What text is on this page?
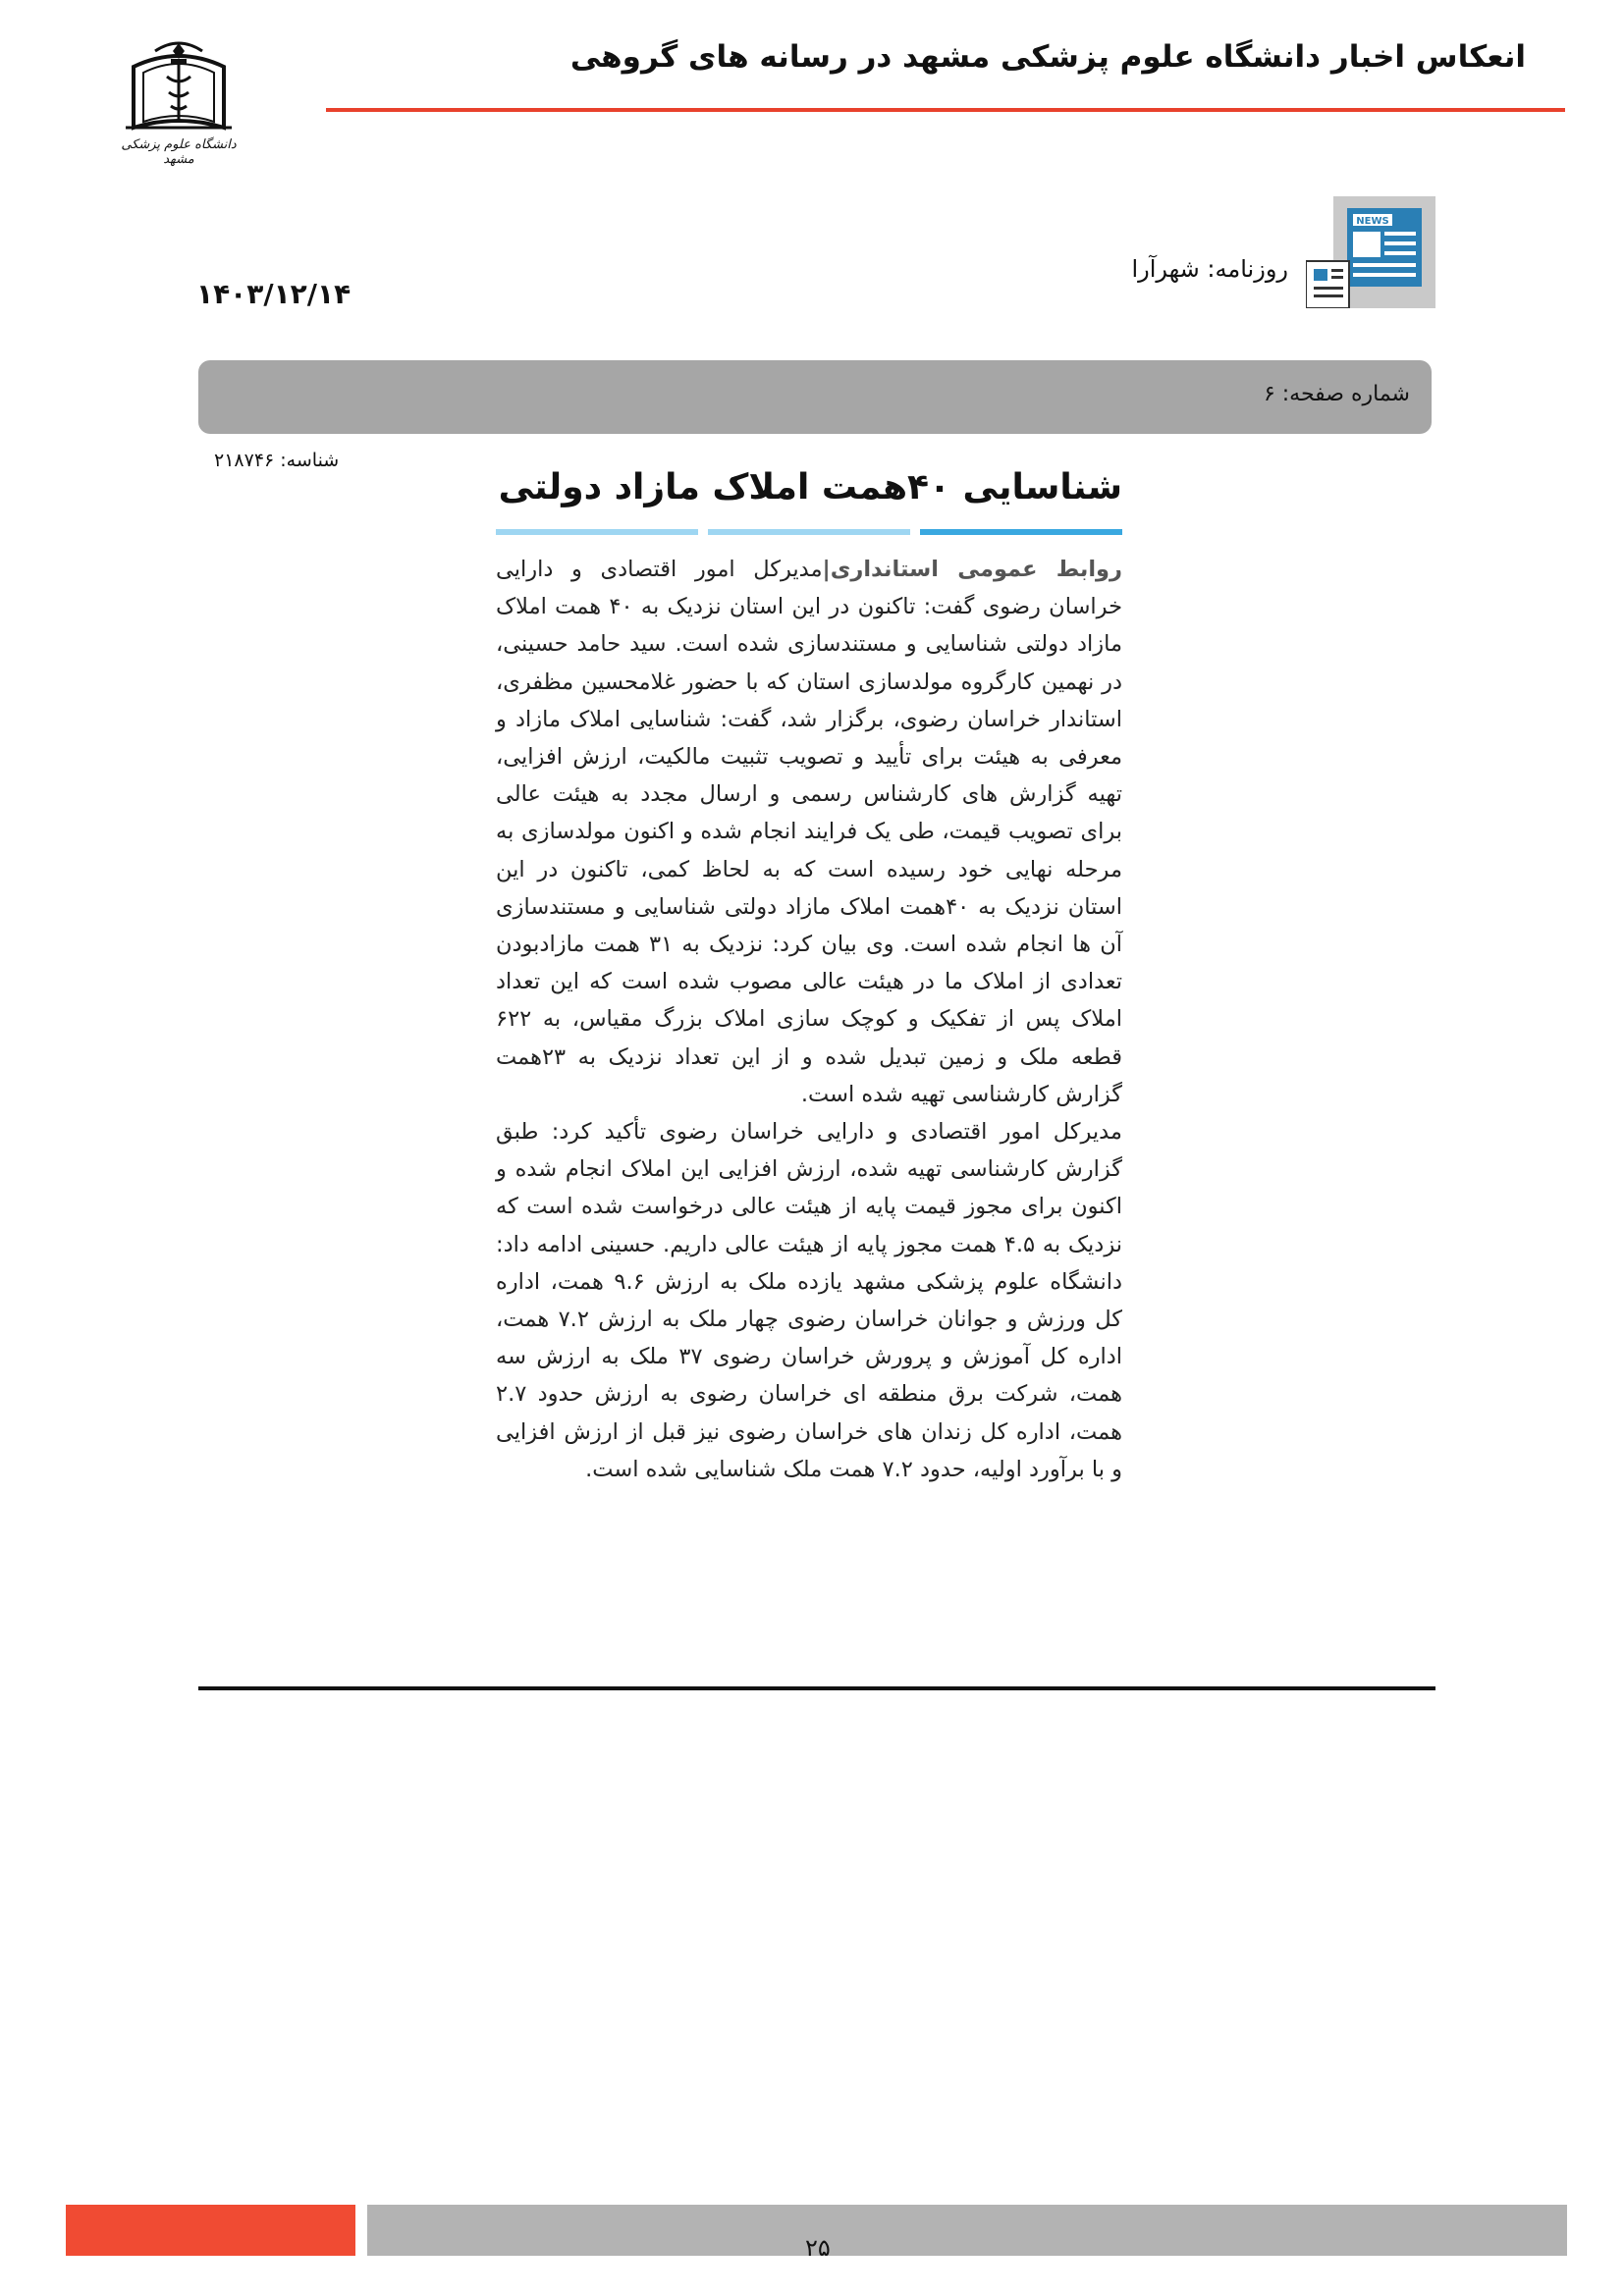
انعکاس اخبار دانشگاه علوم پزشکی مشهد در رسانه های گروهی
دانشگاه علوم پزشکی مشهد
NEWS
روزنامه: شهرآرا
۱۴۰۳/۱۲/۱۴
شماره صفحه: ۶
شناسه: ۲۱۸۷۴۶
شناسایی ۴۰همت املاک مازاد دولتی

روابط عمومی استانداری|مدیرکل امور اقتصادی و دارایی خراسان رضوی گفت: تاکنون در این استان نزدیک به ۴۰ همت املاک مازاد دولتی شناسایی و مستندسازی شده است. سید حامد حسینی، در نهمین کارگروه مولدسازی استان که با حضور غلامحسین مظفری، استاندار خراسان رضوی، برگزار شد، گفت: شناسایی املاک مازاد و معرفی به هیئت برای تأیید و تصویب تثبیت مالکیت، ارزش افزایی، تهیه گزارش های کارشناس رسمی و ارسال مجدد به هیئت عالی برای تصویب قیمت، طی یک فرایند انجام شده و اکنون مولدسازی به مرحله نهایی خود رسیده است که به لحاظ کمی، تاکنون در این استان نزدیک به ۴۰همت املاک مازاد دولتی شناسایی و مستندسازی آن ها انجام شده است. وی بیان کرد: نزدیک به ۳۱ همت مازادبودن تعدادی از املاک ما در هیئت عالی مصوب شده است که این تعداد املاک پس از تفکیک و کوچک سازی املاک بزرگ مقیاس، به ۶۲۲ قطعه ملک و زمین تبدیل شده و از این تعداد نزدیک به ۲۳همت گزارش کارشناسی تهیه شده است.

مدیرکل امور اقتصادی و دارایی خراسان رضوی تأکید کرد: طبق گزارش کارشناسی تهیه شده، ارزش افزایی این املاک انجام شده و اکنون برای مجوز قیمت پایه از هیئت عالی درخواست شده است که نزدیک به ۴.۵ همت مجوز پایه از هیئت عالی داریم. حسینی ادامه داد: دانشگاه علوم پزشکی مشهد یازده ملک به ارزش ۹.۶ همت، اداره کل ورزش و جوانان خراسان رضوی چهار ملک به ارزش ۷.۲ همت، اداره کل آموزش و پرورش خراسان رضوی ۳۷ ملک به ارزش سه همت، شرکت برق منطقه ای خراسان رضوی به ارزش حدود ۲.۷ همت، اداره کل زندان های خراسان رضوی نیز قبل از ارزش افزایی و با برآورد اولیه، حدود ۷.۲ همت ملک شناسایی شده است.

۲۵
